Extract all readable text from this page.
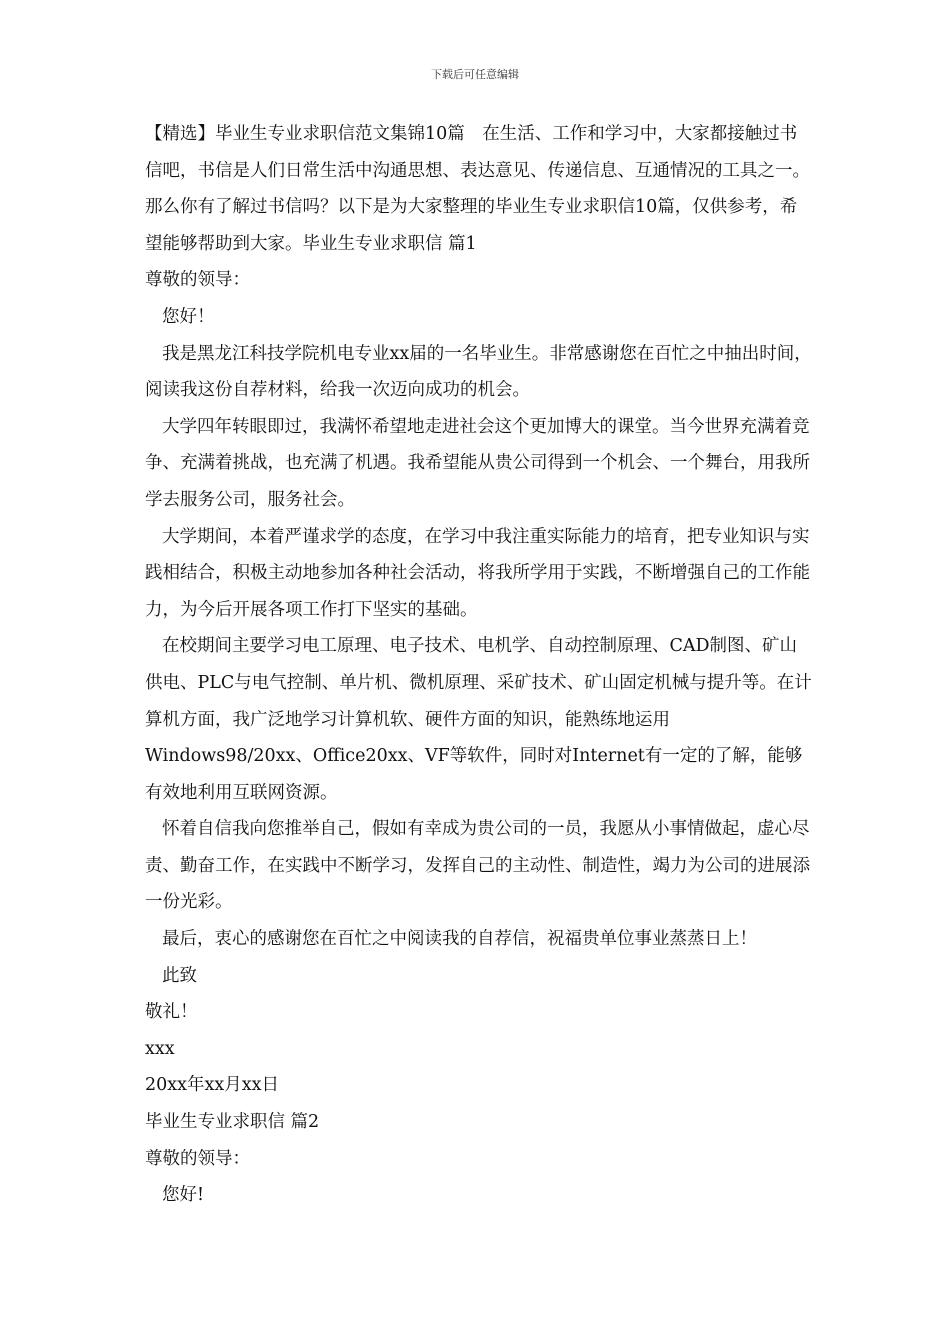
下载后可任意编辑

【精选】毕业生专业求职信范文集锦10篇　在生活、工作和学习中，大家都接触过书信吧，书信是人们日常生活中沟通思想、表达意见、传递信息、互通情况的工具之一。那么你有了解过书信吗？以下是为大家整理的毕业生专业求职信10篇，仅供参考，希望能够帮助到大家。毕业生专业求职信 篇1

尊敬的领导：

您好！

我是黑龙江科技学院机电专业xx届的一名毕业生。非常感谢您在百忙之中抽出时间，阅读我这份自荐材料，给我一次迈向成功的机会。

大学四年转眼即过，我满怀希望地走进社会这个更加博大的课堂。当今世界充满着竞争、充满着挑战，也充满了机遇。我希望能从贵公司得到一个机会、一个舞台，用我所学去服务公司，服务社会。

大学期间，本着严谨求学的态度，在学习中我注重实际能力的培育，把专业知识与实践相结合，积极主动地参加各种社会活动，将我所学用于实践，不断增强自己的工作能力，为今后开展各项工作打下坚实的基础。

在校期间主要学习电工原理、电子技术、电机学、自动控制原理、CAD制图、矿山供电、PLC与电气控制、单片机、微机原理、采矿技术、矿山固定机械与提升等。在计算机方面，我广泛地学习计算机软、硬件方面的知识，能熟练地运用Windows98/20xx、Office20xx、VF等软件，同时对Internet有一定的了解，能够有效地利用互联网资源。

怀着自信我向您推举自己，假如有幸成为贵公司的一员，我愿从小事情做起，虚心尽责、勤奋工作，在实践中不断学习，发挥自己的主动性、制造性，竭力为公司的进展添一份光彩。

最后，衷心的感谢您在百忙之中阅读我的自荐信，祝福贵单位事业蒸蒸日上！

此致

敬礼！

xxx

20xx年xx月xx日

毕业生专业求职信 篇2

尊敬的领导：

您好!
